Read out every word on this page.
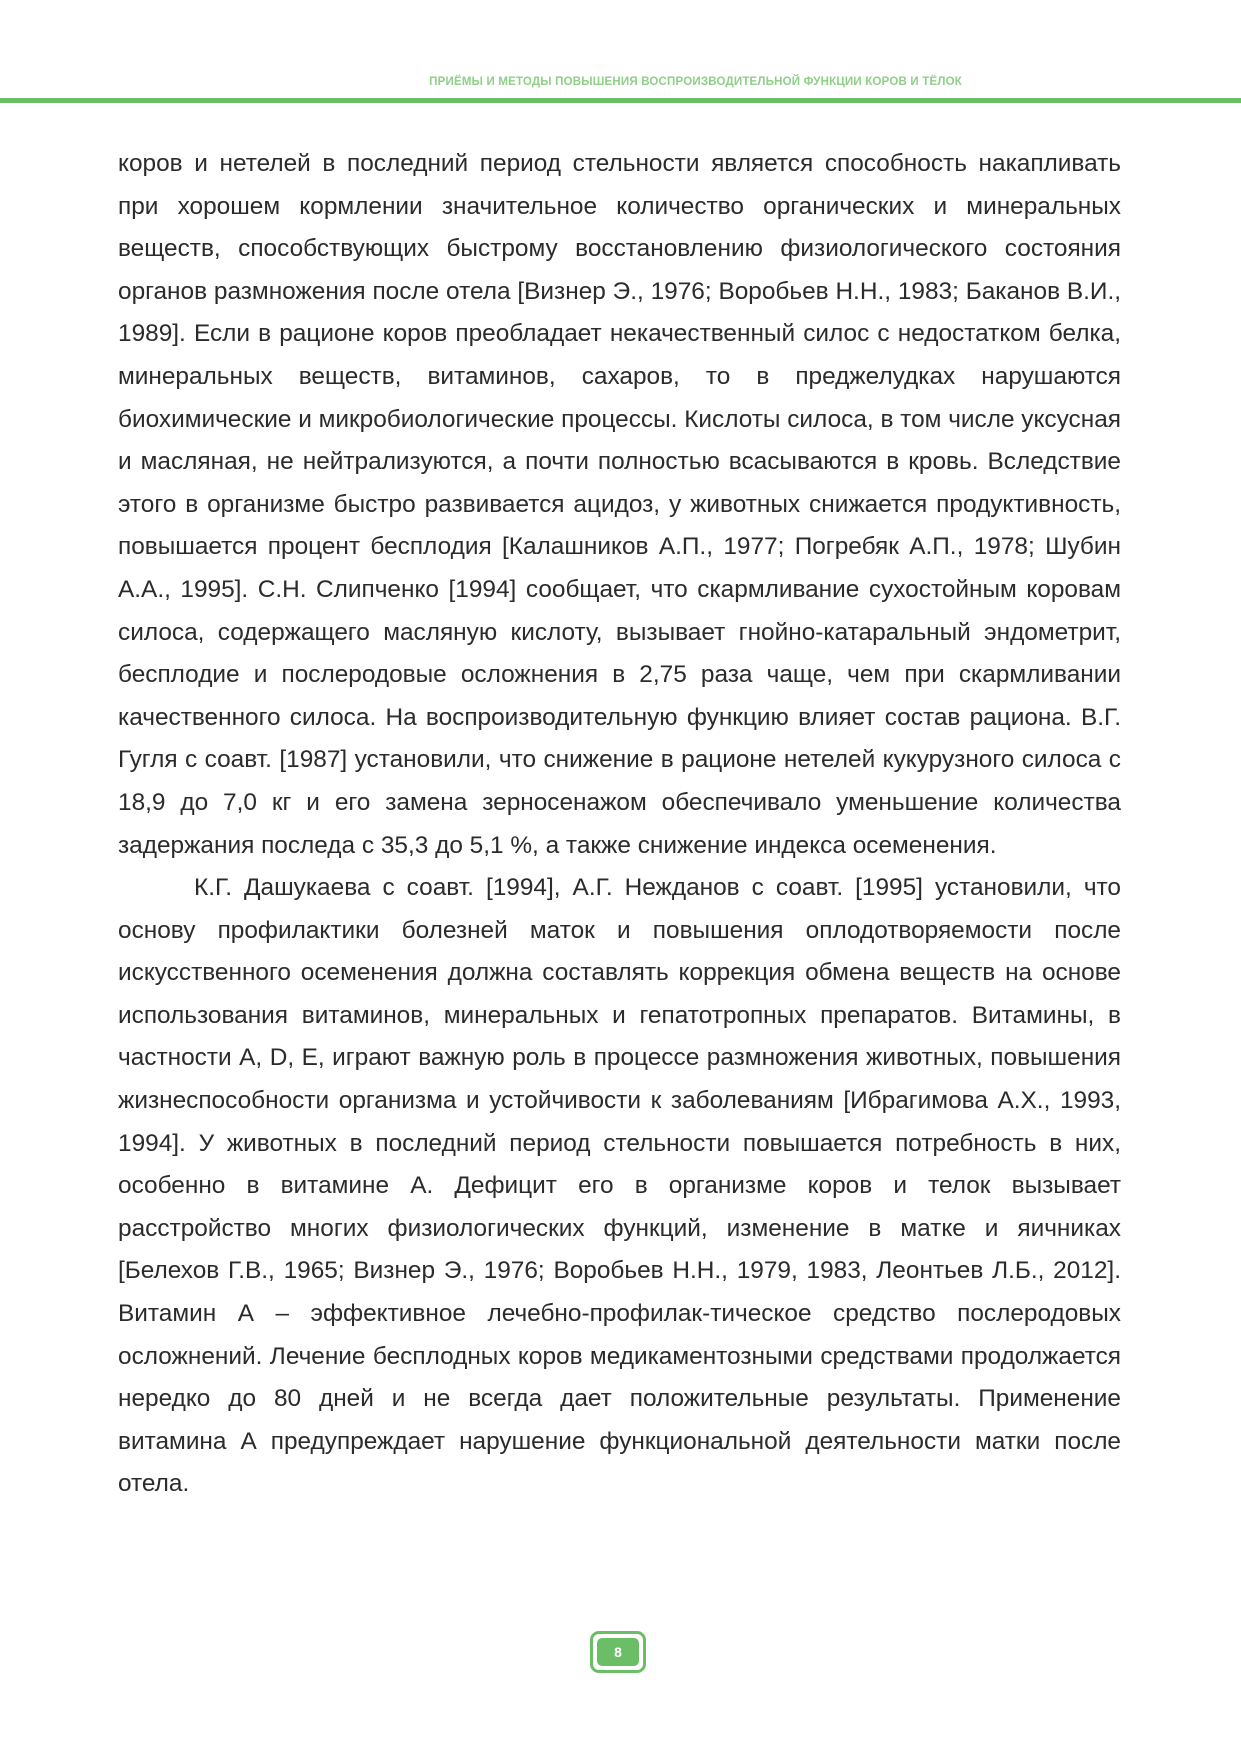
ПРИЁМЫ И МЕТОДЫ ПОВЫШЕНИЯ ВОСПРОИЗВОДИТЕЛЬНОЙ ФУНКЦИИ КОРОВ И ТЁЛОК

коров и нетелей в последний период стельности является способность накапливать при хорошем кормлении значительное количество органических и минеральных веществ, способствующих быстрому восстановлению физиологического состояния органов размножения после отела [Визнер Э., 1976; Воробьев Н.Н., 1983; Баканов В.И., 1989]. Если в рационе коров преобладает некачественный силос с недостатком белка, минеральных веществ, витаминов, сахаров, то в преджелудках нарушаются биохимические и микробиологические процессы. Кислоты силоса, в том числе уксусная и масляная, не нейтрализуются, а почти полностью всасываются в кровь. Вследствие этого в организме быстро развивается ацидоз, у животных снижается продуктивность, повышается процент бесплодия [Калашников А.П., 1977; Погребяк А.П., 1978; Шубин А.А., 1995]. С.Н. Слипченко [1994] сообщает, что скармливание сухостойным коровам силоса, содержащего масляную кислоту, вызывает гнойно-катаральный эндометрит, бесплодие и послеродовые осложнения в 2,75 раза чаще, чем при скармливании качественного силоса. На воспроизводительную функцию влияет состав рациона. В.Г. Гугля с соавт. [1987] установили, что снижение в рационе нетелей кукурузного силоса с 18,9 до 7,0 кг и его замена зерносенажом обеспечивало уменьшение количества задержания последа с 35,3 до 5,1 %, а также снижение индекса осеменения.

К.Г. Дашукаева с соавт. [1994], А.Г. Нежданов с соавт. [1995] установили, что основу профилактики болезней маток и повышения оплодотворяемости после искусственного осеменения должна составлять коррекция обмена веществ на основе использования витаминов, минеральных и гепатотропных препаратов. Витамины, в частности A, D, E, играют важную роль в процессе размножения животных, повышения жизнеспособности организма и устойчивости к заболеваниям [Ибрагимова А.Х., 1993, 1994]. У животных в последний период стельности повышается потребность в них, особенно в витамине А. Дефицит его в организме коров и телок вызывает расстройство многих физиологических функций, изменение в матке и яичниках [Белехов Г.В., 1965; Визнер Э., 1976; Воробьев Н.Н., 1979, 1983, Леонтьев Л.Б., 2012]. Витамин А – эффективное лечебно-профилак-тическое средство послеродовых осложнений. Лечение бесплодных коров медикаментозными средствами продолжается нередко до 80 дней и не всегда дает положительные результаты. Применение витамина А предупреждает нарушение функциональной деятельности матки после отела.

8
